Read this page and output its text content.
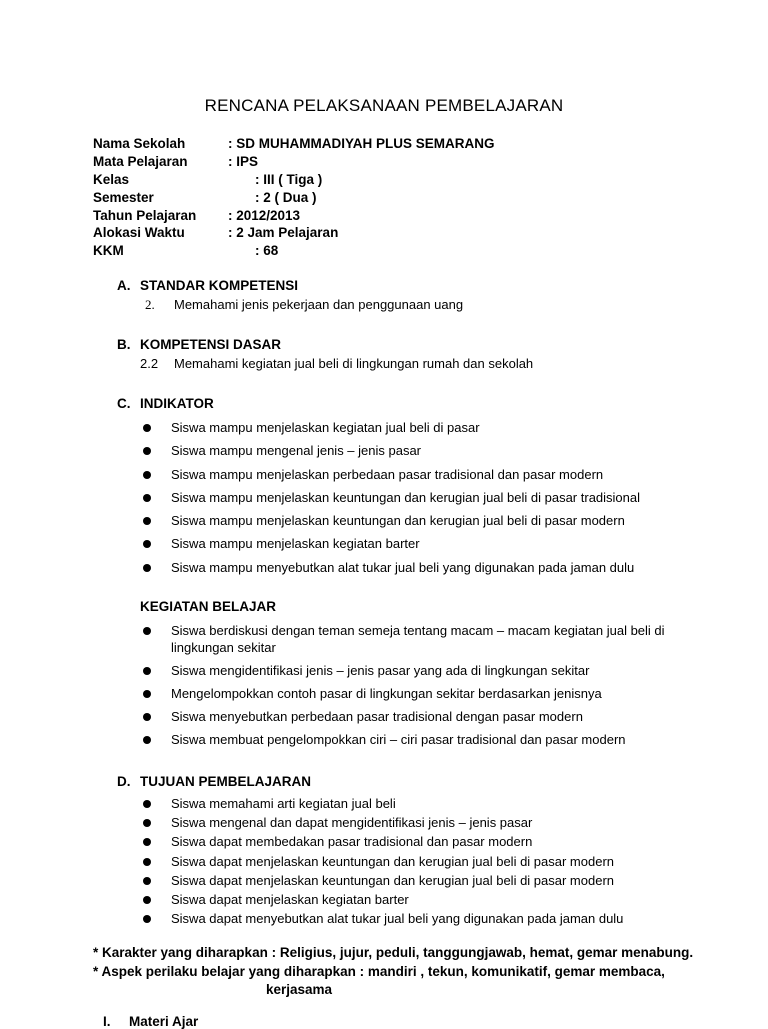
RENCANA PELAKSANAAN PEMBELAJARAN
Nama Sekolah	: SD MUHAMMADIYAH PLUS SEMARANG
Mata Pelajaran	: IPS
Kelas	: III ( Tiga )
Semester	: 2 ( Dua )
Tahun Pelajaran : 2012/2013
Alokasi Waktu	: 2 Jam Pelajaran
KKM	: 68
A. STANDAR KOMPETENSI
2. Memahami jenis pekerjaan dan penggunaan uang
B. KOMPETENSI DASAR
2.2 Memahami kegiatan jual beli di lingkungan rumah dan sekolah
C. INDIKATOR
Siswa mampu menjelaskan kegiatan jual beli di pasar
Siswa mampu mengenal jenis – jenis pasar
Siswa mampu menjelaskan perbedaan pasar tradisional dan pasar modern
Siswa mampu menjelaskan keuntungan dan kerugian jual beli di pasar tradisional
Siswa mampu menjelaskan keuntungan dan kerugian jual beli di pasar modern
Siswa mampu menjelaskan kegiatan barter
Siswa mampu menyebutkan alat tukar jual beli yang digunakan pada jaman dulu
KEGIATAN BELAJAR
Siswa berdiskusi dengan teman semeja tentang macam – macam kegiatan jual beli di lingkungan sekitar
Siswa mengidentifikasi jenis – jenis pasar yang ada di lingkungan sekitar
Mengelompokkan contoh pasar di lingkungan sekitar berdasarkan jenisnya
Siswa menyebutkan perbedaan pasar tradisional dengan pasar modern
Siswa membuat pengelompokkan ciri – ciri pasar tradisional dan pasar modern
D. TUJUAN PEMBELAJARAN
Siswa memahami arti kegiatan jual beli
Siswa mengenal dan dapat mengidentifikasi jenis – jenis pasar
Siswa dapat membedakan pasar tradisional dan pasar modern
Siswa dapat menjelaskan keuntungan dan kerugian jual beli di pasar modern
Siswa dapat menjelaskan keuntungan dan kerugian jual beli di pasar modern
Siswa dapat menjelaskan kegiatan barter
Siswa dapat menyebutkan alat tukar jual beli yang digunakan pada jaman dulu
* Karakter yang diharapkan : Religius, jujur, peduli, tanggungjawab, hemat, gemar menabung.
* Aspek perilaku belajar yang diharapkan : mandiri , tekun, komunikatif, gemar membaca,
kerjasama
I. Materi Ajar
